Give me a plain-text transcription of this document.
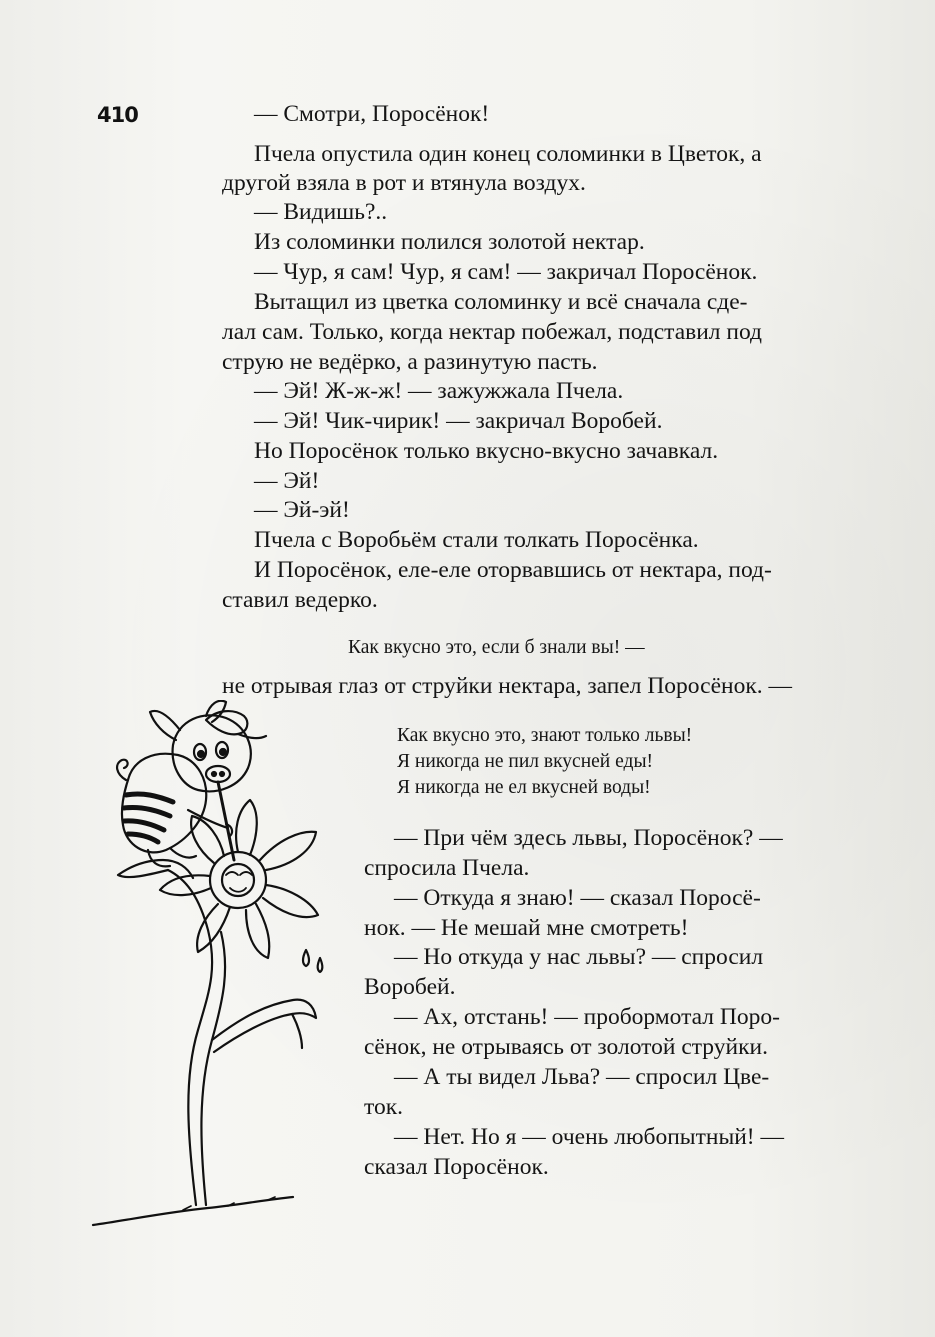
410	— Смотри, Поросёнок!
Пчела опустила один конец соломинки в Цветок, а
другой взяла в рот и втянула воздух.
— Видишь?..
Из соломинки полился золотой нектар.
— Чур, я сам! Чур, я сам! — закричал Поросёнок.
Вытащил из цветка соломинку и всё сначала сде-
лал сам. Только, когда нектар побежал, подставил под
струю не ведёрко, а разинутую пасть.
— Эй! Ж-ж-ж! — зажужжала Пчела.
— Эй! Чик-чирик! — закричал Воробей.
Но Поросёнок только вкусно-вкусно зачавкал.
— Эй!
— Эй-эй!
Пчела с Воробьём стали толкать Поросёнка.
И Поросёнок, еле-еле оторвавшись от нектара, под-
ставил ведерко.
Как вкусно это, если б знали вы! —
не отрывая глаз от струйки нектара, запел Поросёнок. —
Как вкусно это, знают только львы!
Я никогда не пил вкусней еды!
Я никогда не ел вкусней воды!
— При чём здесь львы, Поросёнок? —
спросила Пчела.
— Откуда я знаю! — сказал Поросё-
нок. — Не мешай мне смотреть!
— Но откуда у нас львы? — спросил
Воробей.
— Ах, отстань! — пробормотал Поро-
сёнок, не отрываясь от золотой струйки.
— А ты видел Льва? — спросил Цве-
ток.
— Нет. Но я — очень любопытный! —
сказал Поросёнок.
